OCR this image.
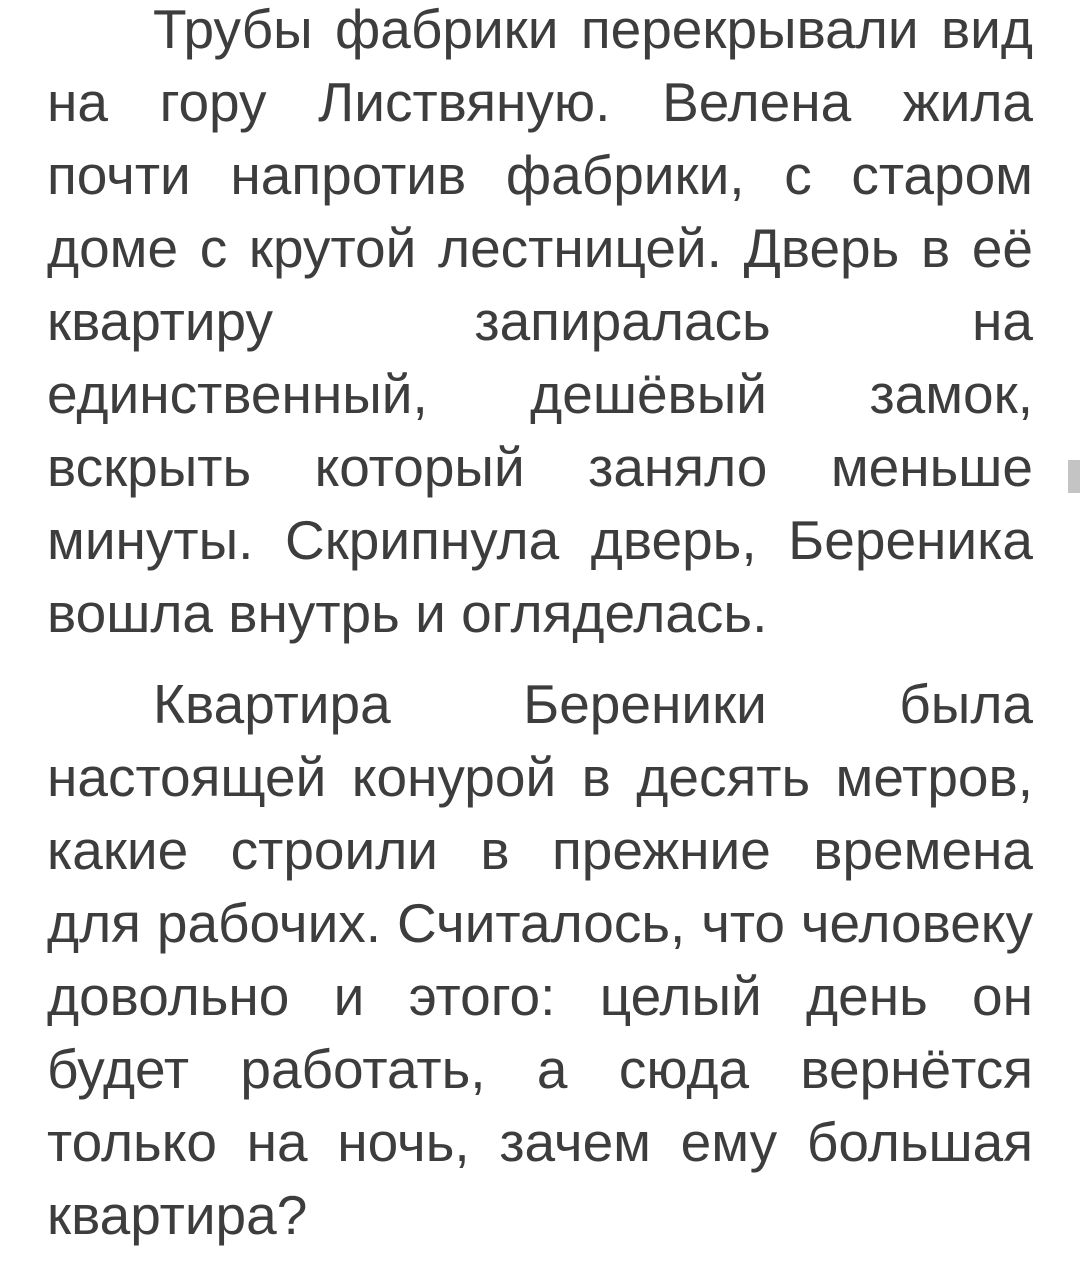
Трубы фабрики перекрывали вид на гору Листвяную. Велена жила почти напротив фабрики, с старом доме с крутой лестницей. Дверь в её квартиру запиралась на единственный, дешёвый замок, вскрыть который заняло меньше минуты. Скрипнула дверь, Береника вошла внутрь и огляделась.

Квартира Береники была настоящей конурой в десять метров, какие строили в прежние времена для рабочих. Считалось, что человеку довольно и этого: целый день он будет работать, а сюда вернётся только на ночь, зачем ему большая квартира?
